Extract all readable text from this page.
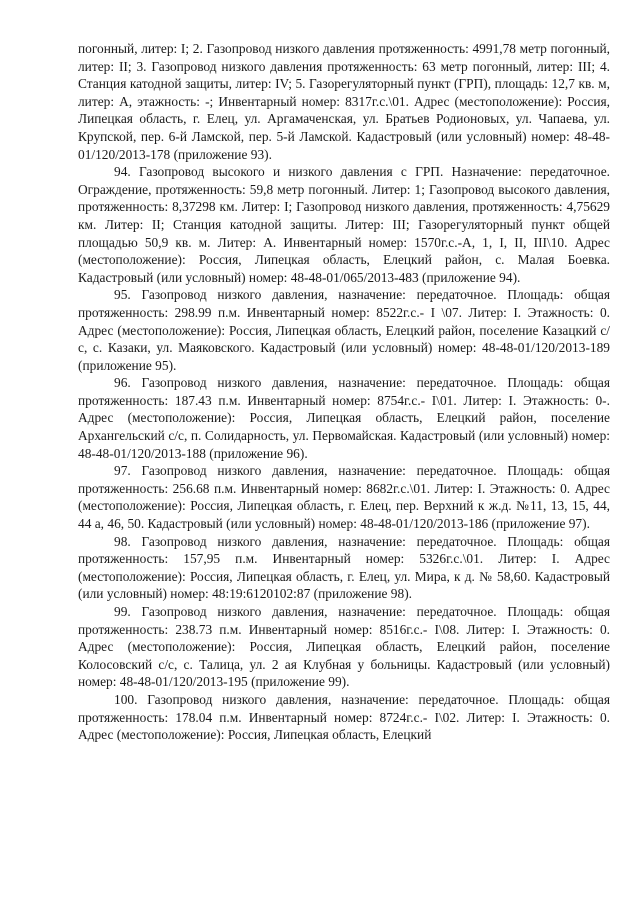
погонный, литер: I; 2. Газопровод низкого давления протяженность: 4991,78 метр погонный, литер: II; 3. Газопровод низкого давления протяженность: 63 метр погонный, литер: III; 4. Станция катодной защиты, литер: IV; 5. Газорегуляторный пункт (ГРП), площадь: 12,7 кв. м, литер: А, этажность: -; Инвентарный номер: 8317г.с.\01. Адрес (местоположение): Россия, Липецкая область, г. Елец, ул. Аргамаченская, ул. Братьев Родионовых, ул. Чапаева, ул. Крупской, пер. 6-й Ламской, пер. 5-й Ламской. Кадастровый (или условный) номер: 48-48-01/120/2013-178 (приложение 93).

94. Газопровод высокого и низкого давления с ГРП. Назначение: передаточное. Ограждение, протяженность: 59,8 метр погонный. Литер: 1; Газопровод высокого давления, протяженность: 8,37298 км. Литер: I; Газопровод низкого давления, протяженность: 4,75629 км. Литер: II; Станция катодной защиты. Литер: III; Газорегуляторный пункт общей площадью 50,9 кв. м. Литер: А. Инвентарный номер: 1570г.с.-А, 1, I, II, III\10. Адрес (местоположение): Россия, Липецкая область, Елецкий район, с. Малая Боевка. Кадастровый (или условный) номер: 48-48-01/065/2013-483 (приложение 94).

95. Газопровод низкого давления, назначение: передаточное. Площадь: общая протяженность: 298.99 п.м. Инвентарный номер: 8522г.с.- I \07. Литер: I. Этажность: 0. Адрес (местоположение): Россия, Липецкая область, Елецкий район, поселение Казацкий с/с, с. Казаки, ул. Маяковского. Кадастровый (или условный) номер: 48-48-01/120/2013-189 (приложение 95).

96. Газопровод низкого давления, назначение: передаточное. Площадь: общая протяженность: 187.43 п.м. Инвентарный номер: 8754г.с.- I\01. Литер: I. Этажность: 0-. Адрес (местоположение): Россия, Липецкая область, Елецкий район, поселение Архангельский с/с, п. Солидарность, ул. Первомайская. Кадастровый (или условный) номер: 48-48-01/120/2013-188 (приложение 96).

97. Газопровод низкого давления, назначение: передаточное. Площадь: общая протяженность: 256.68 п.м. Инвентарный номер: 8682г.с.\01. Литер: I. Этажность: 0. Адрес (местоположение): Россия, Липецкая область, г. Елец, пер. Верхний к ж.д. №11, 13, 15, 44, 44 а, 46, 50. Кадастровый (или условный) номер: 48-48-01/120/2013-186 (приложение 97).

98. Газопровод низкого давления, назначение: передаточное. Площадь: общая протяженность: 157,95 п.м. Инвентарный номер: 5326г.с.\01. Литер: I. Адрес (местоположение): Россия, Липецкая область, г. Елец, ул. Мира, к д. № 58,60. Кадастровый (или условный) номер: 48:19:6120102:87 (приложение 98).

99. Газопровод низкого давления, назначение: передаточное. Площадь: общая протяженность: 238.73 п.м. Инвентарный номер: 8516г.с.- I\08. Литер: I. Этажность: 0. Адрес (местоположение): Россия, Липецкая область, Елецкий район, поселение Колосовский с/с, с. Талица, ул. 2 ая Клубная у больницы. Кадастровый (или условный) номер: 48-48-01/120/2013-195 (приложение 99).

100. Газопровод низкого давления, назначение: передаточное. Площадь: общая протяженность: 178.04 п.м. Инвентарный номер: 8724г.с.- I\02. Литер: I. Этажность: 0. Адрес (местоположение): Россия, Липецкая область, Елецкий
